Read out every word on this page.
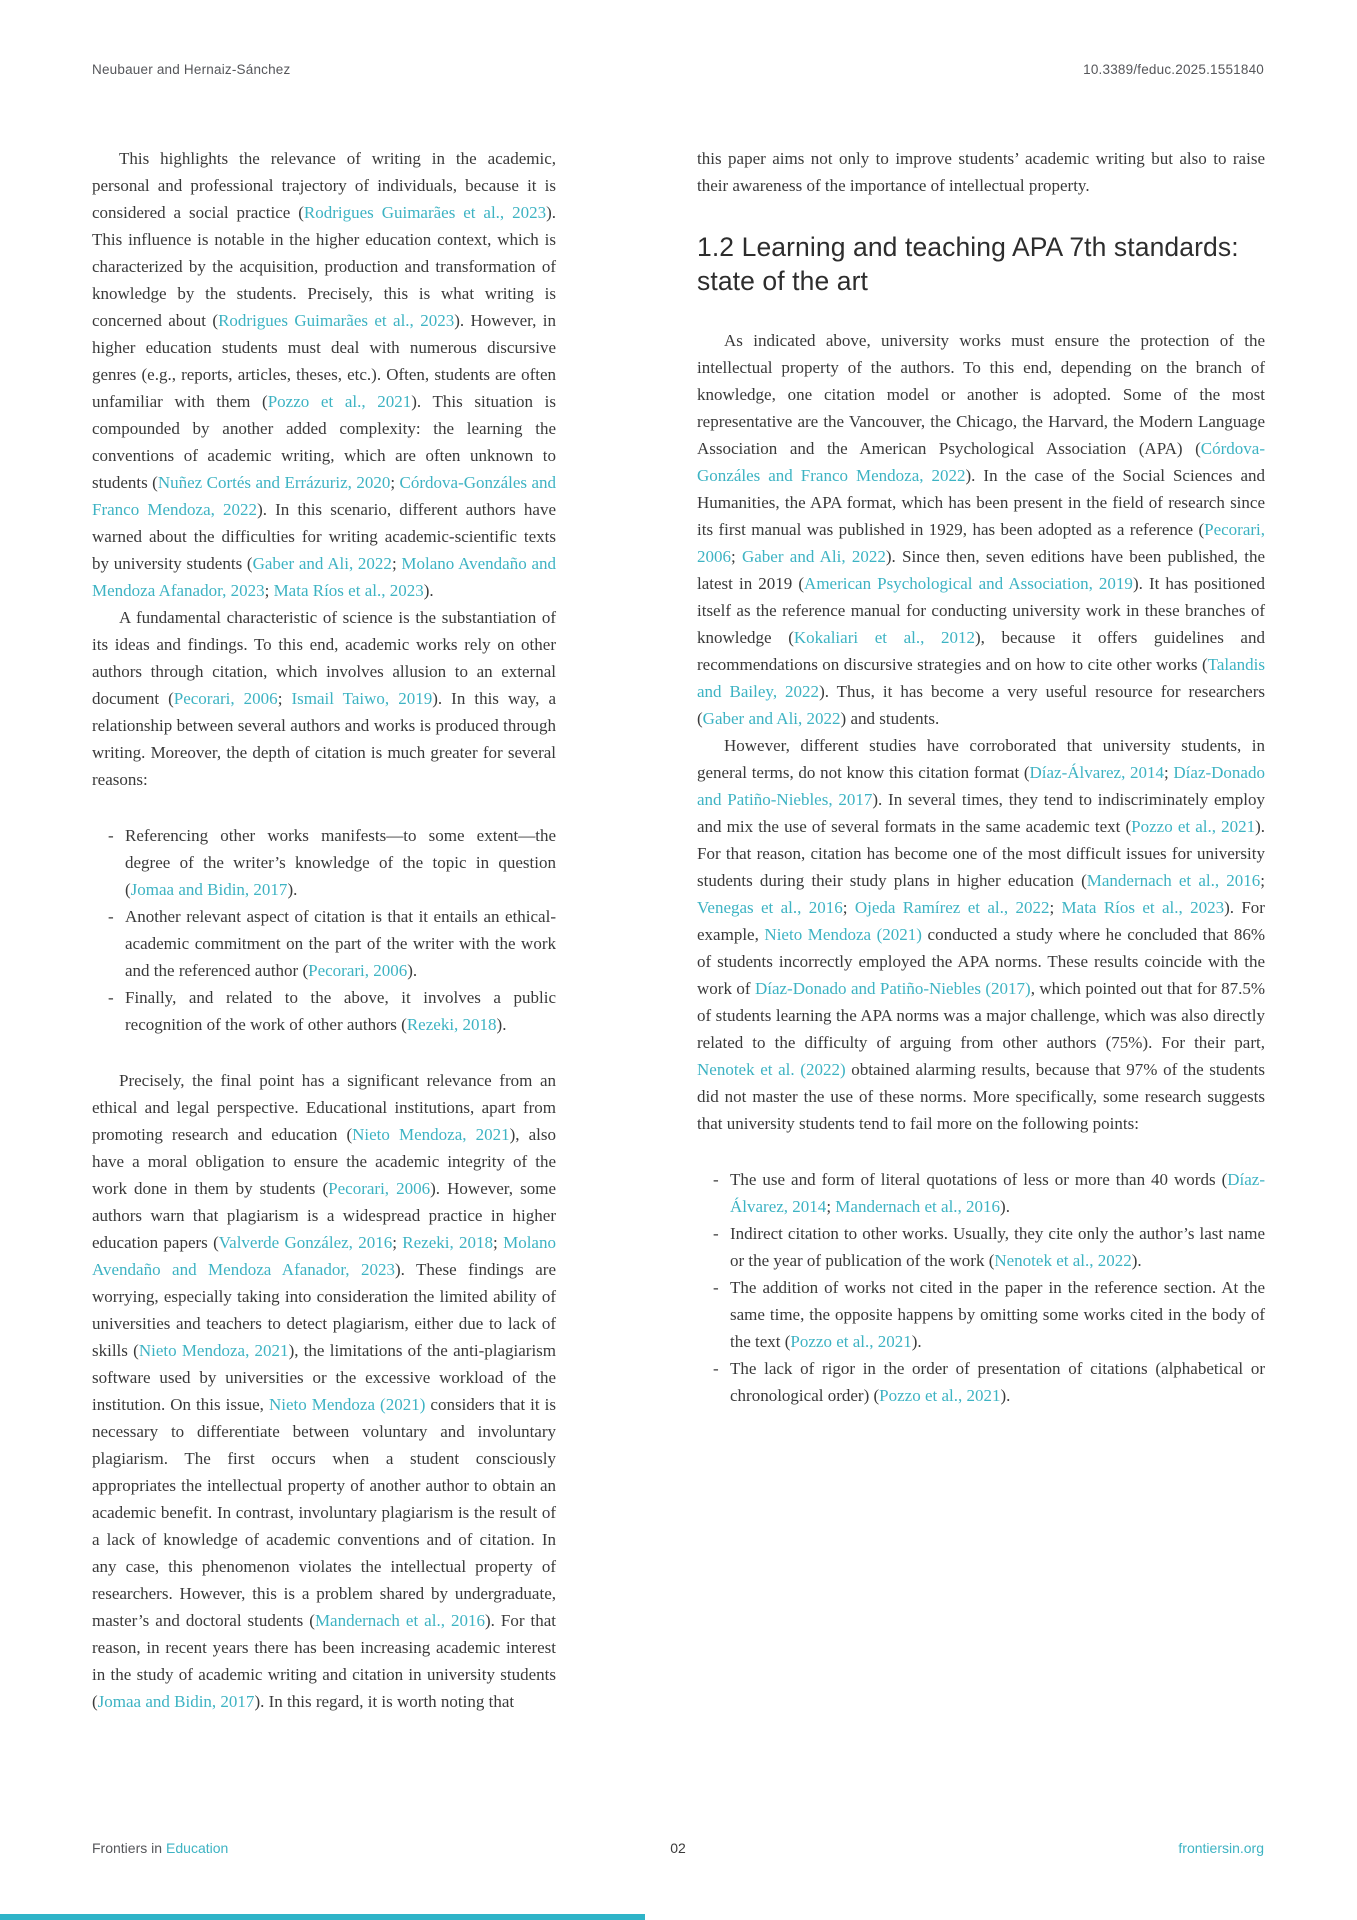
Neubauer and Hernaiz-Sánchez	10.3389/feduc.2025.1551840

This highlights the relevance of writing in the academic, personal and professional trajectory of individuals, because it is considered a social practice (Rodrigues Guimarães et al., 2023). This influence is notable in the higher education context, which is characterized by the acquisition, production and transformation of knowledge by the students. Precisely, this is what writing is concerned about (Rodrigues Guimarães et al., 2023). However, in higher education students must deal with numerous discursive genres (e.g., reports, articles, theses, etc.). Often, students are often unfamiliar with them (Pozzo et al., 2021). This situation is compounded by another added complexity: the learning the conventions of academic writing, which are often unknown to students (Nuñez Cortés and Errázuriz, 2020; Córdova-Gonzáles and Franco Mendoza, 2022). In this scenario, different authors have warned about the difficulties for writing academic-scientific texts by university students (Gaber and Ali, 2022; Molano Avendaño and Mendoza Afanador, 2023; Mata Ríos et al., 2023).

A fundamental characteristic of science is the substantiation of its ideas and findings. To this end, academic works rely on other authors through citation, which involves allusion to an external document (Pecorari, 2006; Ismail Taiwo, 2019). In this way, a relationship between several authors and works is produced through writing. Moreover, the depth of citation is much greater for several reasons:

- Referencing other works manifests—to some extent—the degree of the writer’s knowledge of the topic in question (Jomaa and Bidin, 2017).
- Another relevant aspect of citation is that it entails an ethical-academic commitment on the part of the writer with the work and the referenced author (Pecorari, 2006).
- Finally, and related to the above, it involves a public recognition of the work of other authors (Rezeki, 2018).

Precisely, the final point has a significant relevance from an ethical and legal perspective. Educational institutions, apart from promoting research and education (Nieto Mendoza, 2021), also have a moral obligation to ensure the academic integrity of the work done in them by students (Pecorari, 2006). However, some authors warn that plagiarism is a widespread practice in higher education papers (Valverde González, 2016; Rezeki, 2018; Molano Avendaño and Mendoza Afanador, 2023). These findings are worrying, especially taking into consideration the limited ability of universities and teachers to detect plagiarism, either due to lack of skills (Nieto Mendoza, 2021), the limitations of the anti-plagiarism software used by universities or the excessive workload of the institution. On this issue, Nieto Mendoza (2021) considers that it is necessary to differentiate between voluntary and involuntary plagiarism. The first occurs when a student consciously appropriates the intellectual property of another author to obtain an academic benefit. In contrast, involuntary plagiarism is the result of a lack of knowledge of academic conventions and of citation. In any case, this phenomenon violates the intellectual property of researchers. However, this is a problem shared by undergraduate, master’s and doctoral students (Mandernach et al., 2016). For that reason, in recent years there has been increasing academic interest in the study of academic writing and citation in university students (Jomaa and Bidin, 2017). In this regard, it is worth noting that

this paper aims not only to improve students’ academic writing but also to raise their awareness of the importance of intellectual property.

1.2 Learning and teaching APA 7th standards: state of the art

As indicated above, university works must ensure the protection of the intellectual property of the authors. To this end, depending on the branch of knowledge, one citation model or another is adopted. Some of the most representative are the Vancouver, the Chicago, the Harvard, the Modern Language Association and the American Psychological Association (APA) (Córdova-Gonzáles and Franco Mendoza, 2022). In the case of the Social Sciences and Humanities, the APA format, which has been present in the field of research since its first manual was published in 1929, has been adopted as a reference (Pecorari, 2006; Gaber and Ali, 2022). Since then, seven editions have been published, the latest in 2019 (American Psychological and Association, 2019). It has positioned itself as the reference manual for conducting university work in these branches of knowledge (Kokaliari et al., 2012), because it offers guidelines and recommendations on discursive strategies and on how to cite other works (Talandis and Bailey, 2022). Thus, it has become a very useful resource for researchers (Gaber and Ali, 2022) and students.

However, different studies have corroborated that university students, in general terms, do not know this citation format (Díaz-Álvarez, 2014; Díaz-Donado and Patiño-Niebles, 2017). In several times, they tend to indiscriminately employ and mix the use of several formats in the same academic text (Pozzo et al., 2021). For that reason, citation has become one of the most difficult issues for university students during their study plans in higher education (Mandernach et al., 2016; Venegas et al., 2016; Ojeda Ramírez et al., 2022; Mata Ríos et al., 2023). For example, Nieto Mendoza (2021) conducted a study where he concluded that 86% of students incorrectly employed the APA norms. These results coincide with the work of Díaz-Donado and Patiño-Niebles (2017), which pointed out that for 87.5% of students learning the APA norms was a major challenge, which was also directly related to the difficulty of arguing from other authors (75%). For their part, Nenotek et al. (2022) obtained alarming results, because that 97% of the students did not master the use of these norms. More specifically, some research suggests that university students tend to fail more on the following points:

- The use and form of literal quotations of less or more than 40 words (Díaz-Álvarez, 2014; Mandernach et al., 2016).
- Indirect citation to other works. Usually, they cite only the author’s last name or the year of publication of the work (Nenotek et al., 2022).
- The addition of works not cited in the paper in the reference section. At the same time, the opposite happens by omitting some works cited in the body of the text (Pozzo et al., 2021).
- The lack of rigor in the order of presentation of citations (alphabetical or chronological order) (Pozzo et al., 2021).
02
Frontiers in Education	frontiersin.org
